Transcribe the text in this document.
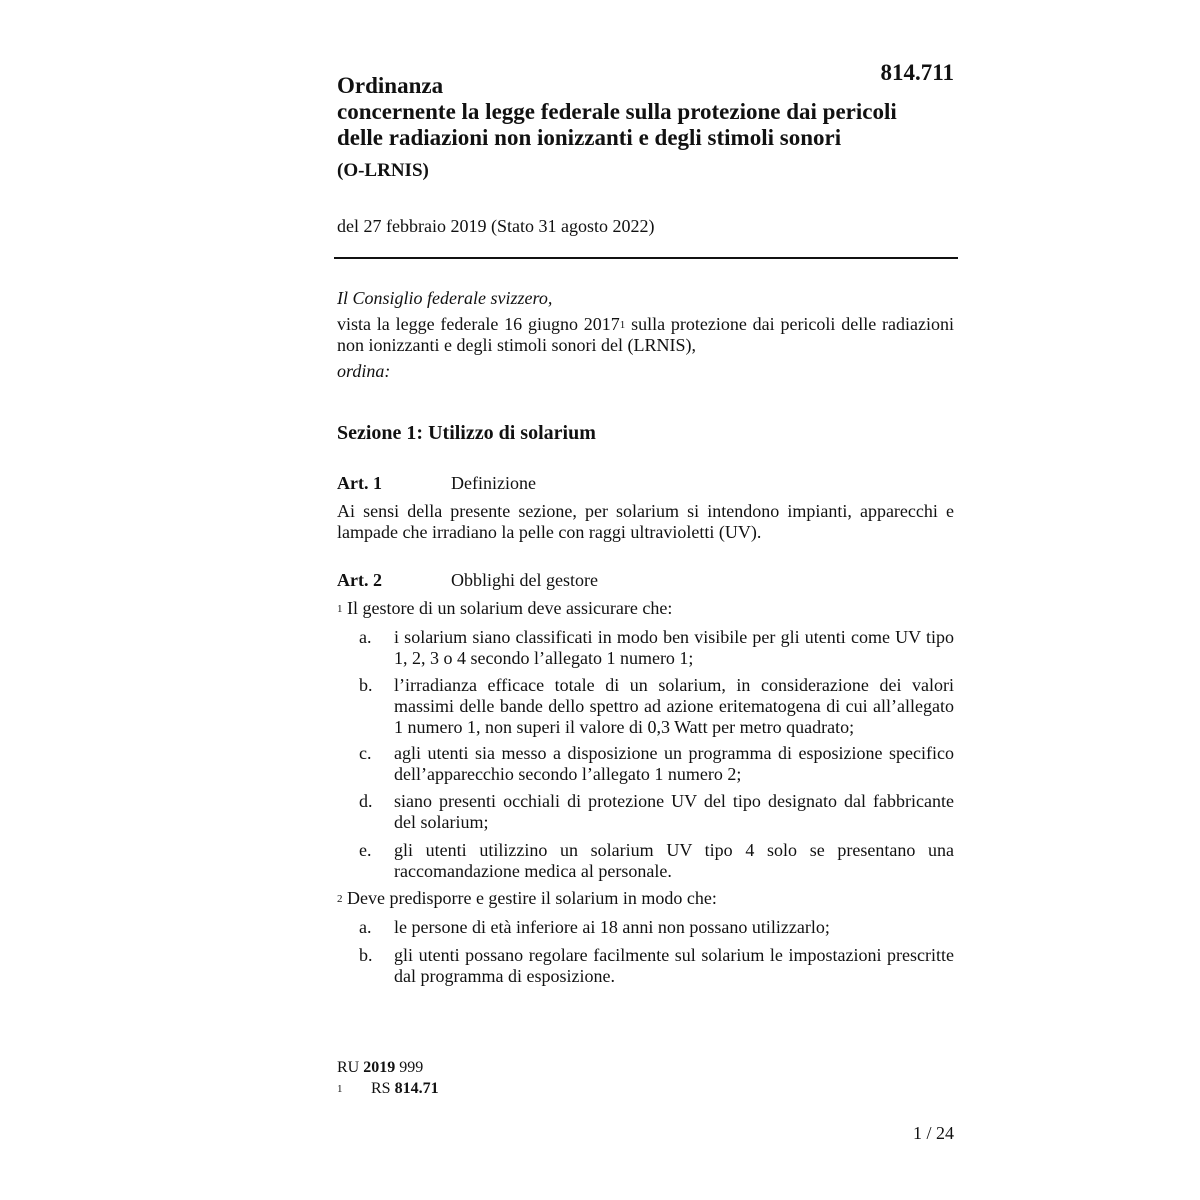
814.711
Ordinanza
concernente la legge federale sulla protezione dai pericoli
delle radiazioni non ionizzanti e degli stimoli sonori
(O-LRNIS)
del 27 febbraio 2019 (Stato 31 agosto 2022)
Il Consiglio federale svizzero,
vista la legge federale 16 giugno 2017$^1$ sulla protezione dai pericoli delle radiazioni non ionizzanti e degli stimoli sonori del (LRNIS),
ordina:
Sezione 1: Utilizzo di solarium
Art. 1	Definizione
Ai sensi della presente sezione, per solarium si intendono impianti, apparecchi e lampade che irradiano la pelle con raggi ultravioletti (UV).
Art. 2	Obblighi del gestore
$^1$ Il gestore di un solarium deve assicurare che:
a. i solarium siano classificati in modo ben visibile per gli utenti come UV tipo 1, 2, 3 o 4 secondo l’allegato 1 numero 1;
b. l’irradianza efficace totale di un solarium, in considerazione dei valori massimi delle bande dello spettro ad azione eritematogena di cui all’allegato 1 numero 1, non superi il valore di 0,3 Watt per metro quadrato;
c. agli utenti sia messo a disposizione un programma di esposizione specifico dell’apparecchio secondo l’allegato 1 numero 2;
d. siano presenti occhiali di protezione UV del tipo designato dal fabbricante del solarium;
e. gli utenti utilizzino un solarium UV tipo 4 solo se presentano una raccomandazione medica al personale.
$^2$ Deve predisporre e gestire il solarium in modo che:
a. le persone di età inferiore ai 18 anni non possano utilizzarlo;
b. gli utenti possano regolare facilmente sul solarium le impostazioni prescritte dal programma di esposizione.
RU 2019 999
1 RS 814.71
1 / 24
